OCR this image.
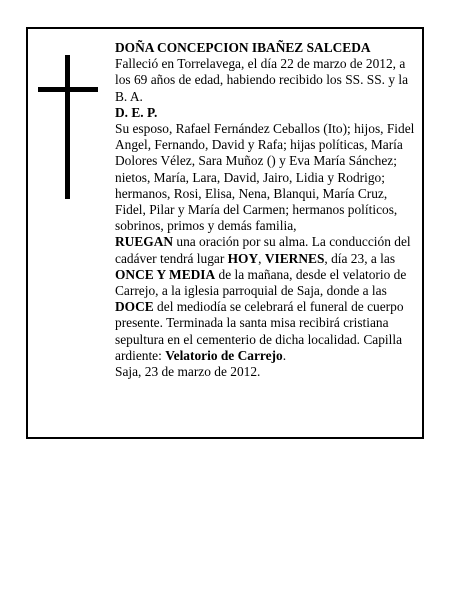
DOÑA CONCEPCION IBAÑEZ SALCEDA

Falleció en Torrelavega, el día 22 de marzo de 2012, a los 69 años de edad, habiendo recibido los SS. SS. y la B. A.

D. E. P.

Su esposo, Rafael Fernández Ceballos (Ito); hijos, Fidel Angel, Fernando, David y Rafa; hijas políticas, María Dolores Vélez, Sara Muñoz () y Eva María Sánchez; nietos, María, Lara, David, Jairo, Lidia y Rodrigo; hermanos, Rosi, Elisa, Nena, Blanqui, María Cruz, Fidel, Pilar y María del Carmen; hermanos políticos, sobrinos, primos y demás familia,

RUEGAN una oración por su alma. La conducción del cadáver tendrá lugar HOY, VIERNES, día 23, a las ONCE Y MEDIA de la mañana, desde el velatorio de Carrejo, a la iglesia parroquial de Saja, donde a las DOCE del mediodía se celebrará el funeral de cuerpo presente. Terminada la santa misa recibirá cristiana sepultura en el cementerio de dicha localidad. Capilla ardiente: Velatorio de Carrejo.

Saja, 23 de marzo de 2012.
